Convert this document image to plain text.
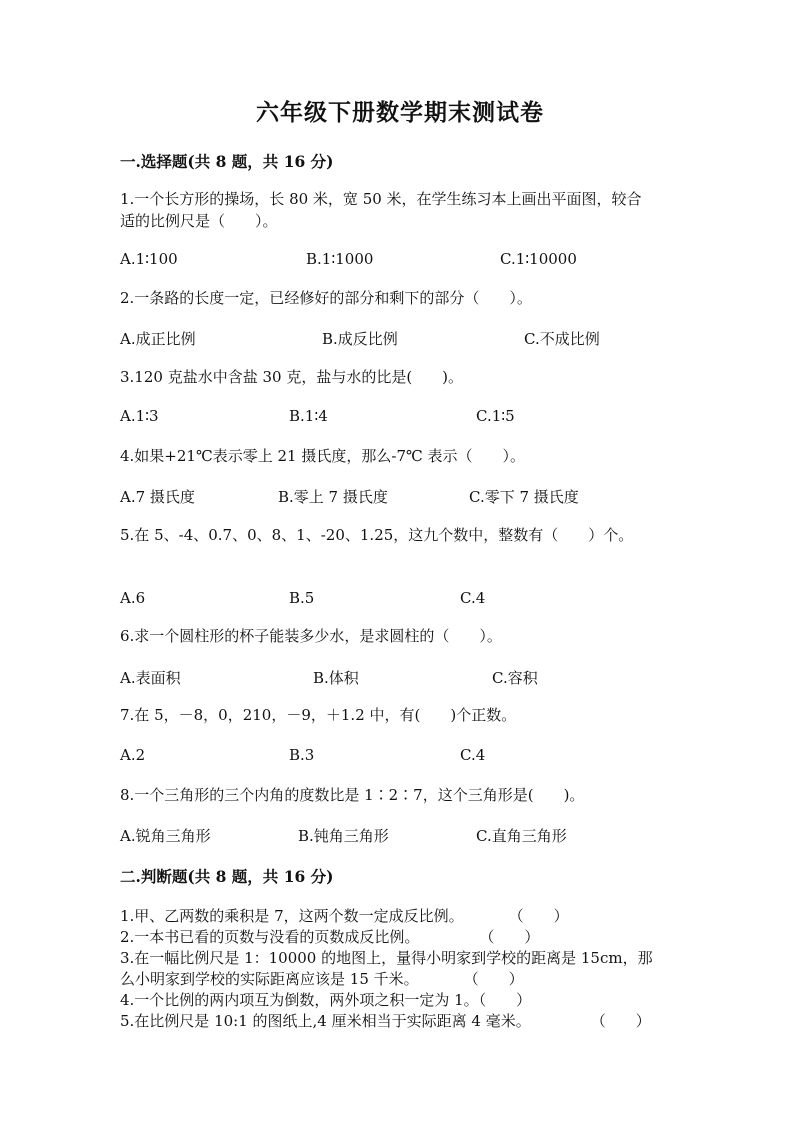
六年级下册数学期末测试卷
一.选择题(共 8 题，共 16 分)
1.一个长方形的操场，长 80 米，宽 50 米，在学生练习本上画出平面图，较合
适的比例尺是（　　）。
A.1∶100	B.1∶1000	C.1∶10000
2.一条路的长度一定，已经修好的部分和剩下的部分（　　）。
A.成正比例	B.成反比例	C.不成比例
3.120 克盐水中含盐 30 克，盐与水的比是(　　)。
A.1∶3	B.1∶4	C.1∶5
4.如果+21℃表示零上 21 摄氏度，那么-7℃ 表示（　　）。
A.7 摄氏度	B.零上 7 摄氏度	C.零下 7 摄氏度
5.在 5、-4、0.7、0、8、1、-20、1.25，这九个数中，整数有（　　）个。
A.6	B.5	C.4
6.求一个圆柱形的杯子能装多少水，是求圆柱的（　　）。
A.表面积	B.体积	C.容积
7.在 5，－8，0，210，－9，＋1.2 中，有(　　)个正数。
A.2	B.3	C.4
8.一个三角形的三个内角的度数比是 1∶2∶7，这个三角形是(　　)。
A.锐角三角形	B.钝角三角形	C.直角三角形
二.判断题(共 8 题，共 16 分)
1.甲、乙两数的乘积是 7，这两个数一定成反比例。　　　　（　　）
2.一本书已看的页数与没看的页数成反比例。　　　　　（　　）
3.在一幅比例尺是 1：10000 的地图上，量得小明家到学校的距离是 15cm，那
么小明家到学校的实际距离应该是 15 千米。　　　　（　　）
4.一个比例的两内项互为倒数，两外项之积一定为 1。（　　）
5.在比例尺是 10:1 的图纸上,4 厘米相当于实际距离 4 毫米。　　　　　（　　）
